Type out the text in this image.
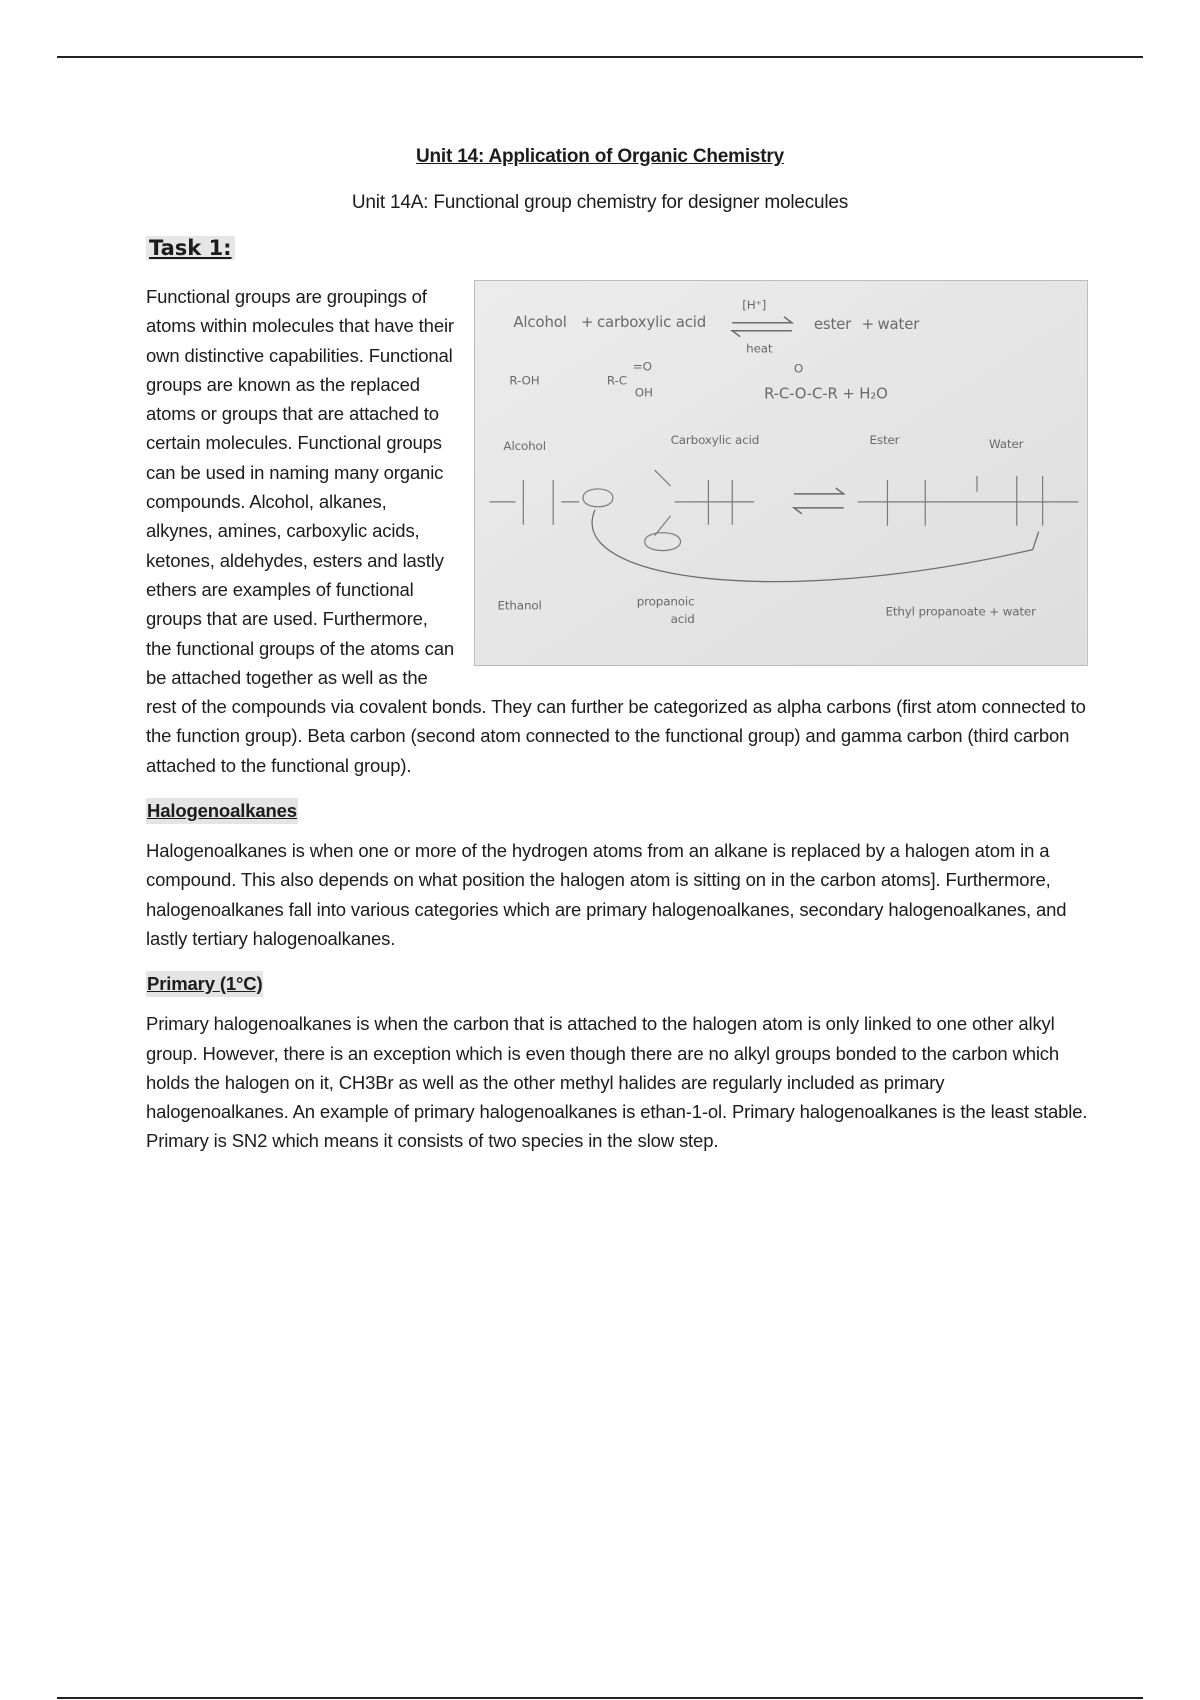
Unit 14: Application of Organic Chemistry
Unit 14A: Functional group chemistry for designer molecules
Task 1:
Alcohol + carboxylic acid
[H⁺]
heat
ester + water
R-OH	R-C
=O
OH
O
R-C-O-C-R + H₂O
Alcohol	Carboxylic acid	Ester	Water
Ethanol	propanoic
acid
Ethyl propanoate + water

Functional groups are groupings of atoms within molecules that have their own distinctive capabilities. Functional groups are known as the replaced atoms or groups that are attached to certain molecules. Functional groups can be used in naming many organic compounds. Alcohol, alkanes, alkynes, amines, carboxylic acids, ketones, aldehydes, esters and lastly ethers are examples of functional groups that are used. Furthermore, the functional groups of the atoms can be attached together as well as the rest of the compounds via covalent bonds. They can further be categorized as alpha carbons (first atom connected to the function group). Beta carbon (second atom connected to the functional group) and gamma carbon (third carbon attached to the functional group).

Halogenoalkanes

Halogenoalkanes is when one or more of the hydrogen atoms from an alkane is replaced by a halogen atom in a compound. This also depends on what position the halogen atom is sitting on in the carbon atoms]. Furthermore, halogenoalkanes fall into various categories which are primary halogenoalkanes, secondary halogenoalkanes, and lastly tertiary halogenoalkanes.

Primary (1°C)

Primary halogenoalkanes is when the carbon that is attached to the halogen atom is only linked to one other alkyl group. However, there is an exception which is even though there are no alkyl groups bonded to the carbon which holds the halogen on it, CH3Br as well as the other methyl halides are regularly included as primary halogenoalkanes. An example of primary halogenoalkanes is ethan-1-ol. Primary halogenoalkanes is the least stable. Primary is SN2 which means it consists of two species in the slow step.
